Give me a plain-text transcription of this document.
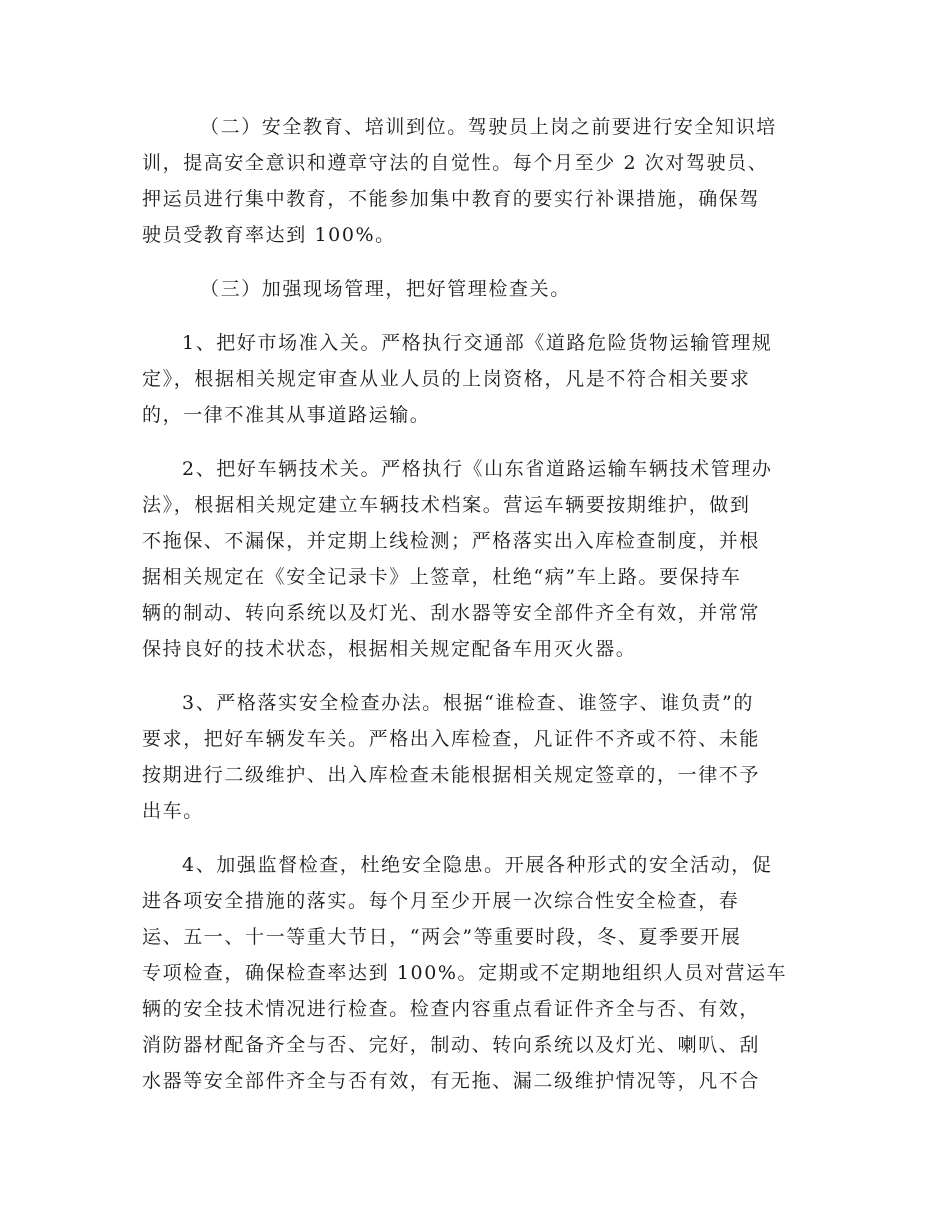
（二）安全教育、培训到位。驾驶员上岗之前要进行安全知识培
训，提高安全意识和遵章守法的自觉性。每个月至少 2 次对驾驶员、
押运员进行集中教育，不能参加集中教育的要实行补课措施，确保驾
驶员受教育率达到 100%。

（三）加强现场管理，把好管理检查关。

1、把好市场准入关。严格执行交通部《道路危险货物运输管理规
定》，根据相关规定审查从业人员的上岗资格，凡是不符合相关要求
的，一律不准其从事道路运输。

2、把好车辆技术关。严格执行《山东省道路运输车辆技术管理办
法》，根据相关规定建立车辆技术档案。营运车辆要按期维护，做到
不拖保、不漏保，并定期上线检测；严格落实出入库检查制度，并根
据相关规定在《安全记录卡》上签章，杜绝“病”车上路。要保持车
辆的制动、转向系统以及灯光、刮水器等安全部件齐全有效，并常常
保持良好的技术状态，根据相关规定配备车用灭火器。

3、严格落实安全检查办法。根据“谁检查、谁签字、谁负责”的
要求，把好车辆发车关。严格出入库检查，凡证件不齐或不符、未能
按期进行二级维护、出入库检查未能根据相关规定签章的，一律不予
出车。

4、加强监督检查，杜绝安全隐患。开展各种形式的安全活动，促
进各项安全措施的落实。每个月至少开展一次综合性安全检查，春
运、五一、十一等重大节日，“两会”等重要时段，冬、夏季要开展
专项检查，确保检查率达到 100%。定期或不定期地组织人员对营运车
辆的安全技术情况进行检查。检查内容重点看证件齐全与否、有效，
消防器材配备齐全与否、完好，制动、转向系统以及灯光、喇叭、刮
水器等安全部件齐全与否有效，有无拖、漏二级维护情况等，凡不合
